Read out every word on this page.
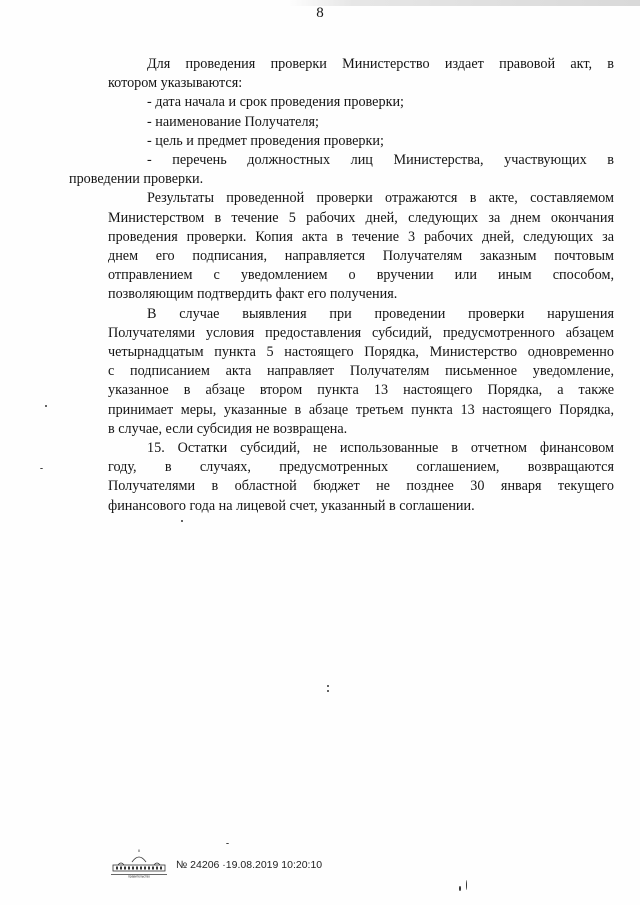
8

Для проведения проверки Министерство издает правовой акт, в
котором указываются:

- дата начала и срок проведения проверки;

- наименование Получателя;

- цель и предмет проведения проверки;

- перечень должностных лиц Министерства, участвующих в
проведении проверки.

Результаты проведенной проверки отражаются в акте, составляемом
Министерством в течение 5 рабочих дней, следующих за днем окончания
проведения проверки. Копия акта в течение 3 рабочих дней, следующих за
днем его подписания, направляется Получателям заказным почтовым
отправлением с уведомлением о вручении или иным способом,
позволяющим подтвердить факт его получения.

В случае выявления при проведении проверки нарушения
Получателями условия предоставления субсидий, предусмотренного абзацем
четырнадцатым пункта 5 настоящего Порядка, Министерство одновременно
с подписанием акта направляет Получателям письменное уведомление,
указанное в абзаце втором пункта 13 настоящего Порядка, а также
принимает меры, указанные в абзаце третьем пункта 13 настоящего Порядка,
в случае, если субсидия не возвращена.

15. Остатки субсидий, не использованные в отчетном финансовом
году, в случаях, предусмотренных соглашением, возвращаются
Получателями в областной бюджет не позднее 30 января текущего
финансового года на лицевой счет, указанный в соглашении.

правительство
№ 24206 ·19.08.2019 10:20:10
